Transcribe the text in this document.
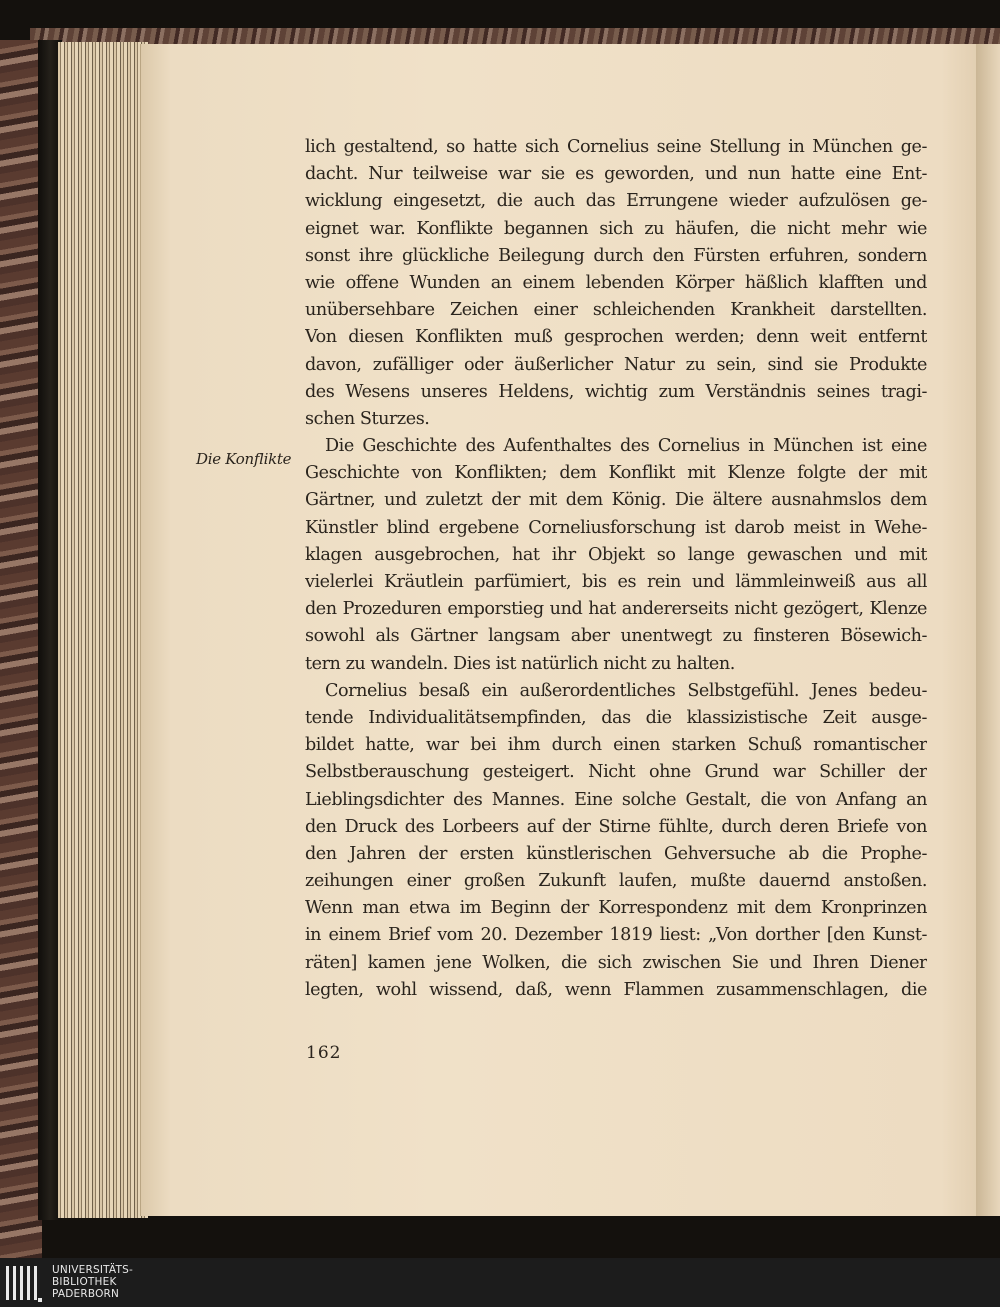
Die Konflikte
lich gestaltend, so hatte sich Cornelius seine Stellung in München ge-
dacht. Nur teilweise war sie es geworden, und nun hatte eine Ent-
wicklung eingesetzt, die auch das Errungene wieder aufzulösen ge-
eignet war. Konflikte begannen sich zu häufen, die nicht mehr wie
sonst ihre glückliche Beilegung durch den Fürsten erfuhren, sondern
wie offene Wunden an einem lebenden Körper häßlich klafften und
unübersehbare Zeichen einer schleichenden Krankheit darstellten.
Von diesen Konflikten muß gesprochen werden; denn weit entfernt
davon, zufälliger oder äußerlicher Natur zu sein, sind sie Produkte
des Wesens unseres Heldens, wichtig zum Verständnis seines tragi-
schen Sturzes.
Die Geschichte des Aufenthaltes des Cornelius in München ist eine
Geschichte von Konflikten; dem Konflikt mit Klenze folgte der mit
Gärtner, und zuletzt der mit dem König. Die ältere ausnahmslos dem
Künstler blind ergebene Corneliusforschung ist darob meist in Wehe-
klagen ausgebrochen, hat ihr Objekt so lange gewaschen und mit
vielerlei Kräutlein parfümiert, bis es rein und lämmleinweiß aus all
den Prozeduren emporstieg und hat andererseits nicht gezögert, Klenze
sowohl als Gärtner langsam aber unentwegt zu finsteren Bösewich-
tern zu wandeln. Dies ist natürlich nicht zu halten.
Cornelius besaß ein außerordentliches Selbstgefühl. Jenes bedeu-
tende Individualitätsempfinden, das die klassizistische Zeit ausge-
bildet hatte, war bei ihm durch einen starken Schuß romantischer
Selbstberauschung gesteigert. Nicht ohne Grund war Schiller der
Lieblingsdichter des Mannes. Eine solche Gestalt, die von Anfang an
den Druck des Lorbeers auf der Stirne fühlte, durch deren Briefe von
den Jahren der ersten künstlerischen Gehversuche ab die Prophe-
zeihungen einer großen Zukunft laufen, mußte dauernd anstoßen.
Wenn man etwa im Beginn der Korrespondenz mit dem Kronprinzen
in einem Brief vom 20. Dezember 1819 liest: „Von dorther [den Kunst-
räten] kamen jene Wolken, die sich zwischen Sie und Ihren Diener
legten, wohl wissend, daß, wenn Flammen zusammenschlagen, die
162
UNIVERSITÄTS-
BIBLIOTHEK
PADERBORN
